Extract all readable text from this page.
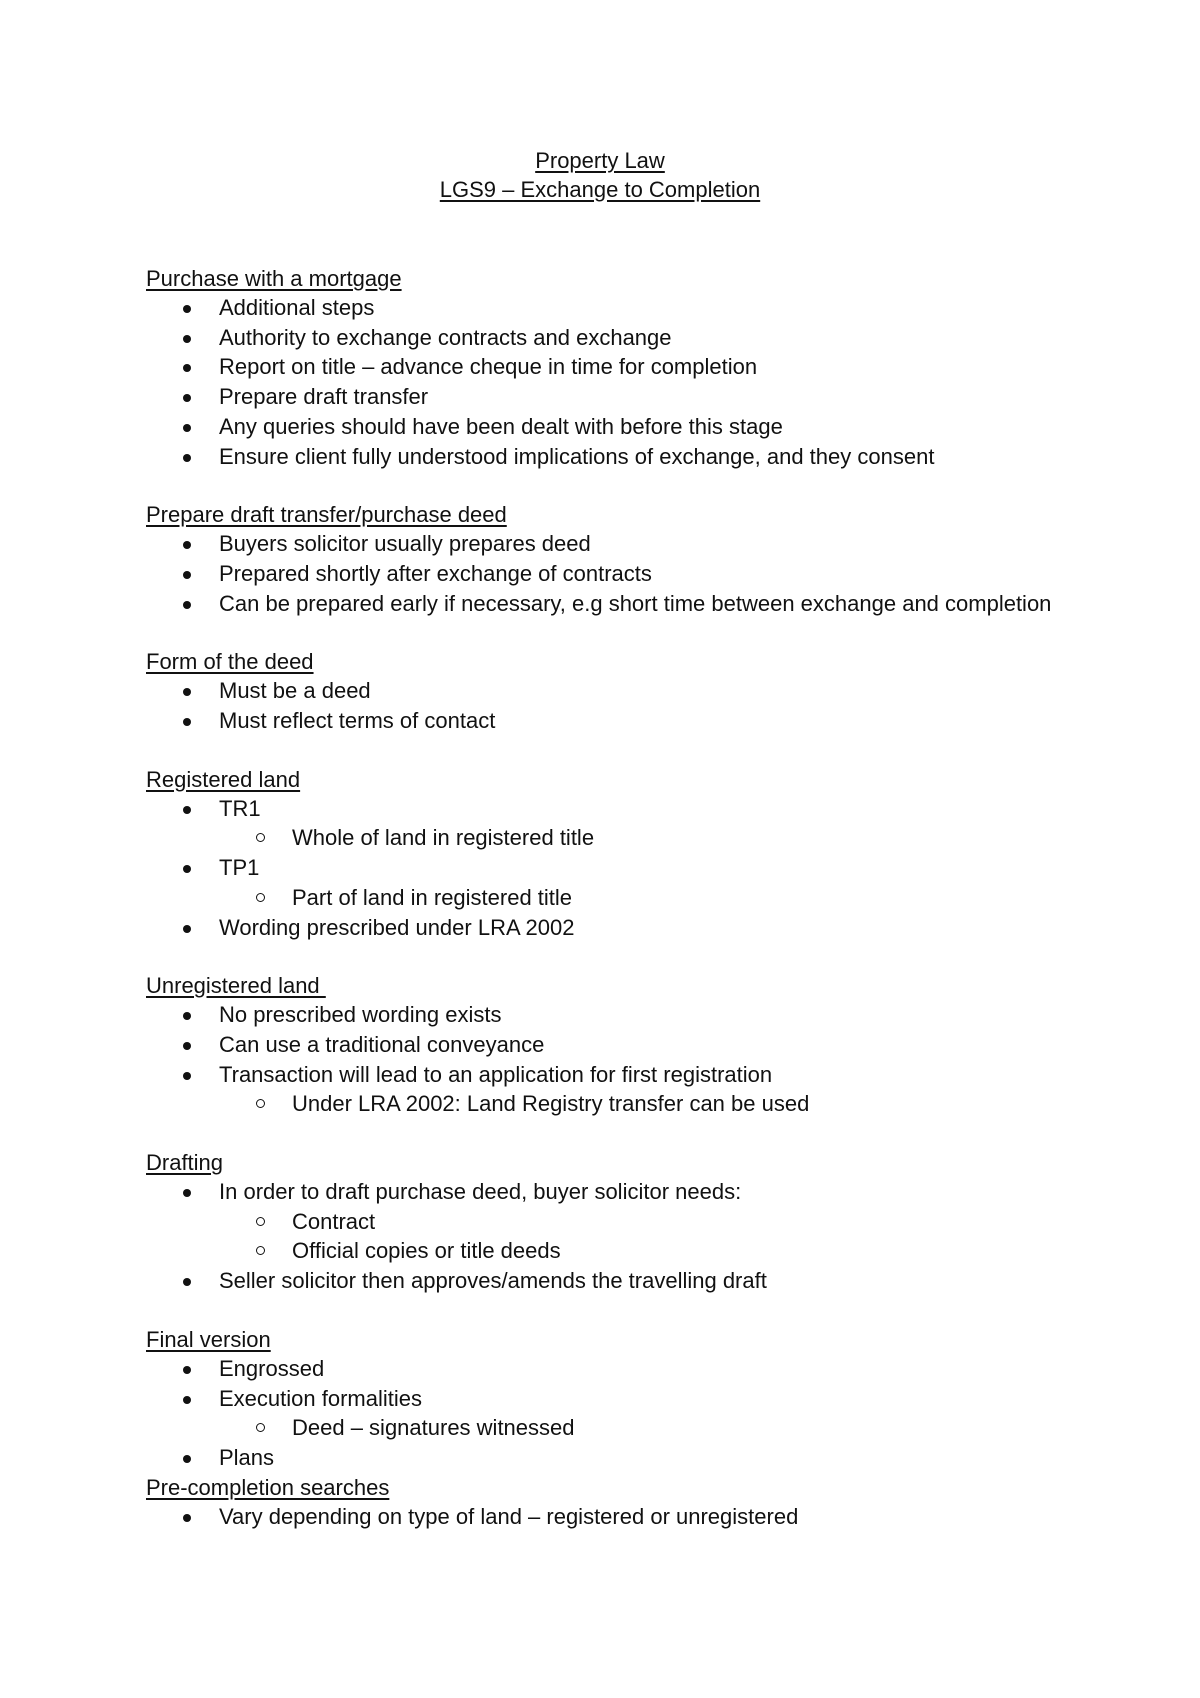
Property Law
LGS9 – Exchange to Completion
Purchase with a mortgage
Additional steps
Authority to exchange contracts and exchange
Report on title – advance cheque in time for completion
Prepare draft transfer
Any queries should have been dealt with before this stage
Ensure client fully understood implications of exchange, and they consent
Prepare draft transfer/purchase deed
Buyers solicitor usually prepares deed
Prepared shortly after exchange of contracts
Can be prepared early if necessary, e.g short time between exchange and completion
Form of the deed
Must be a deed
Must reflect terms of contact
Registered land
TR1
Whole of land in registered title
TP1
Part of land in registered title
Wording prescribed under LRA 2002
Unregistered land
No prescribed wording exists
Can use a traditional conveyance
Transaction will lead to an application for first registration
Under LRA 2002: Land Registry transfer can be used
Drafting
In order to draft purchase deed, buyer solicitor needs:
Contract
Official copies or title deeds
Seller solicitor then approves/amends the travelling draft
Final version
Engrossed
Execution formalities
Deed – signatures witnessed
Plans
Pre-completion searches
Vary depending on type of land – registered or unregistered
